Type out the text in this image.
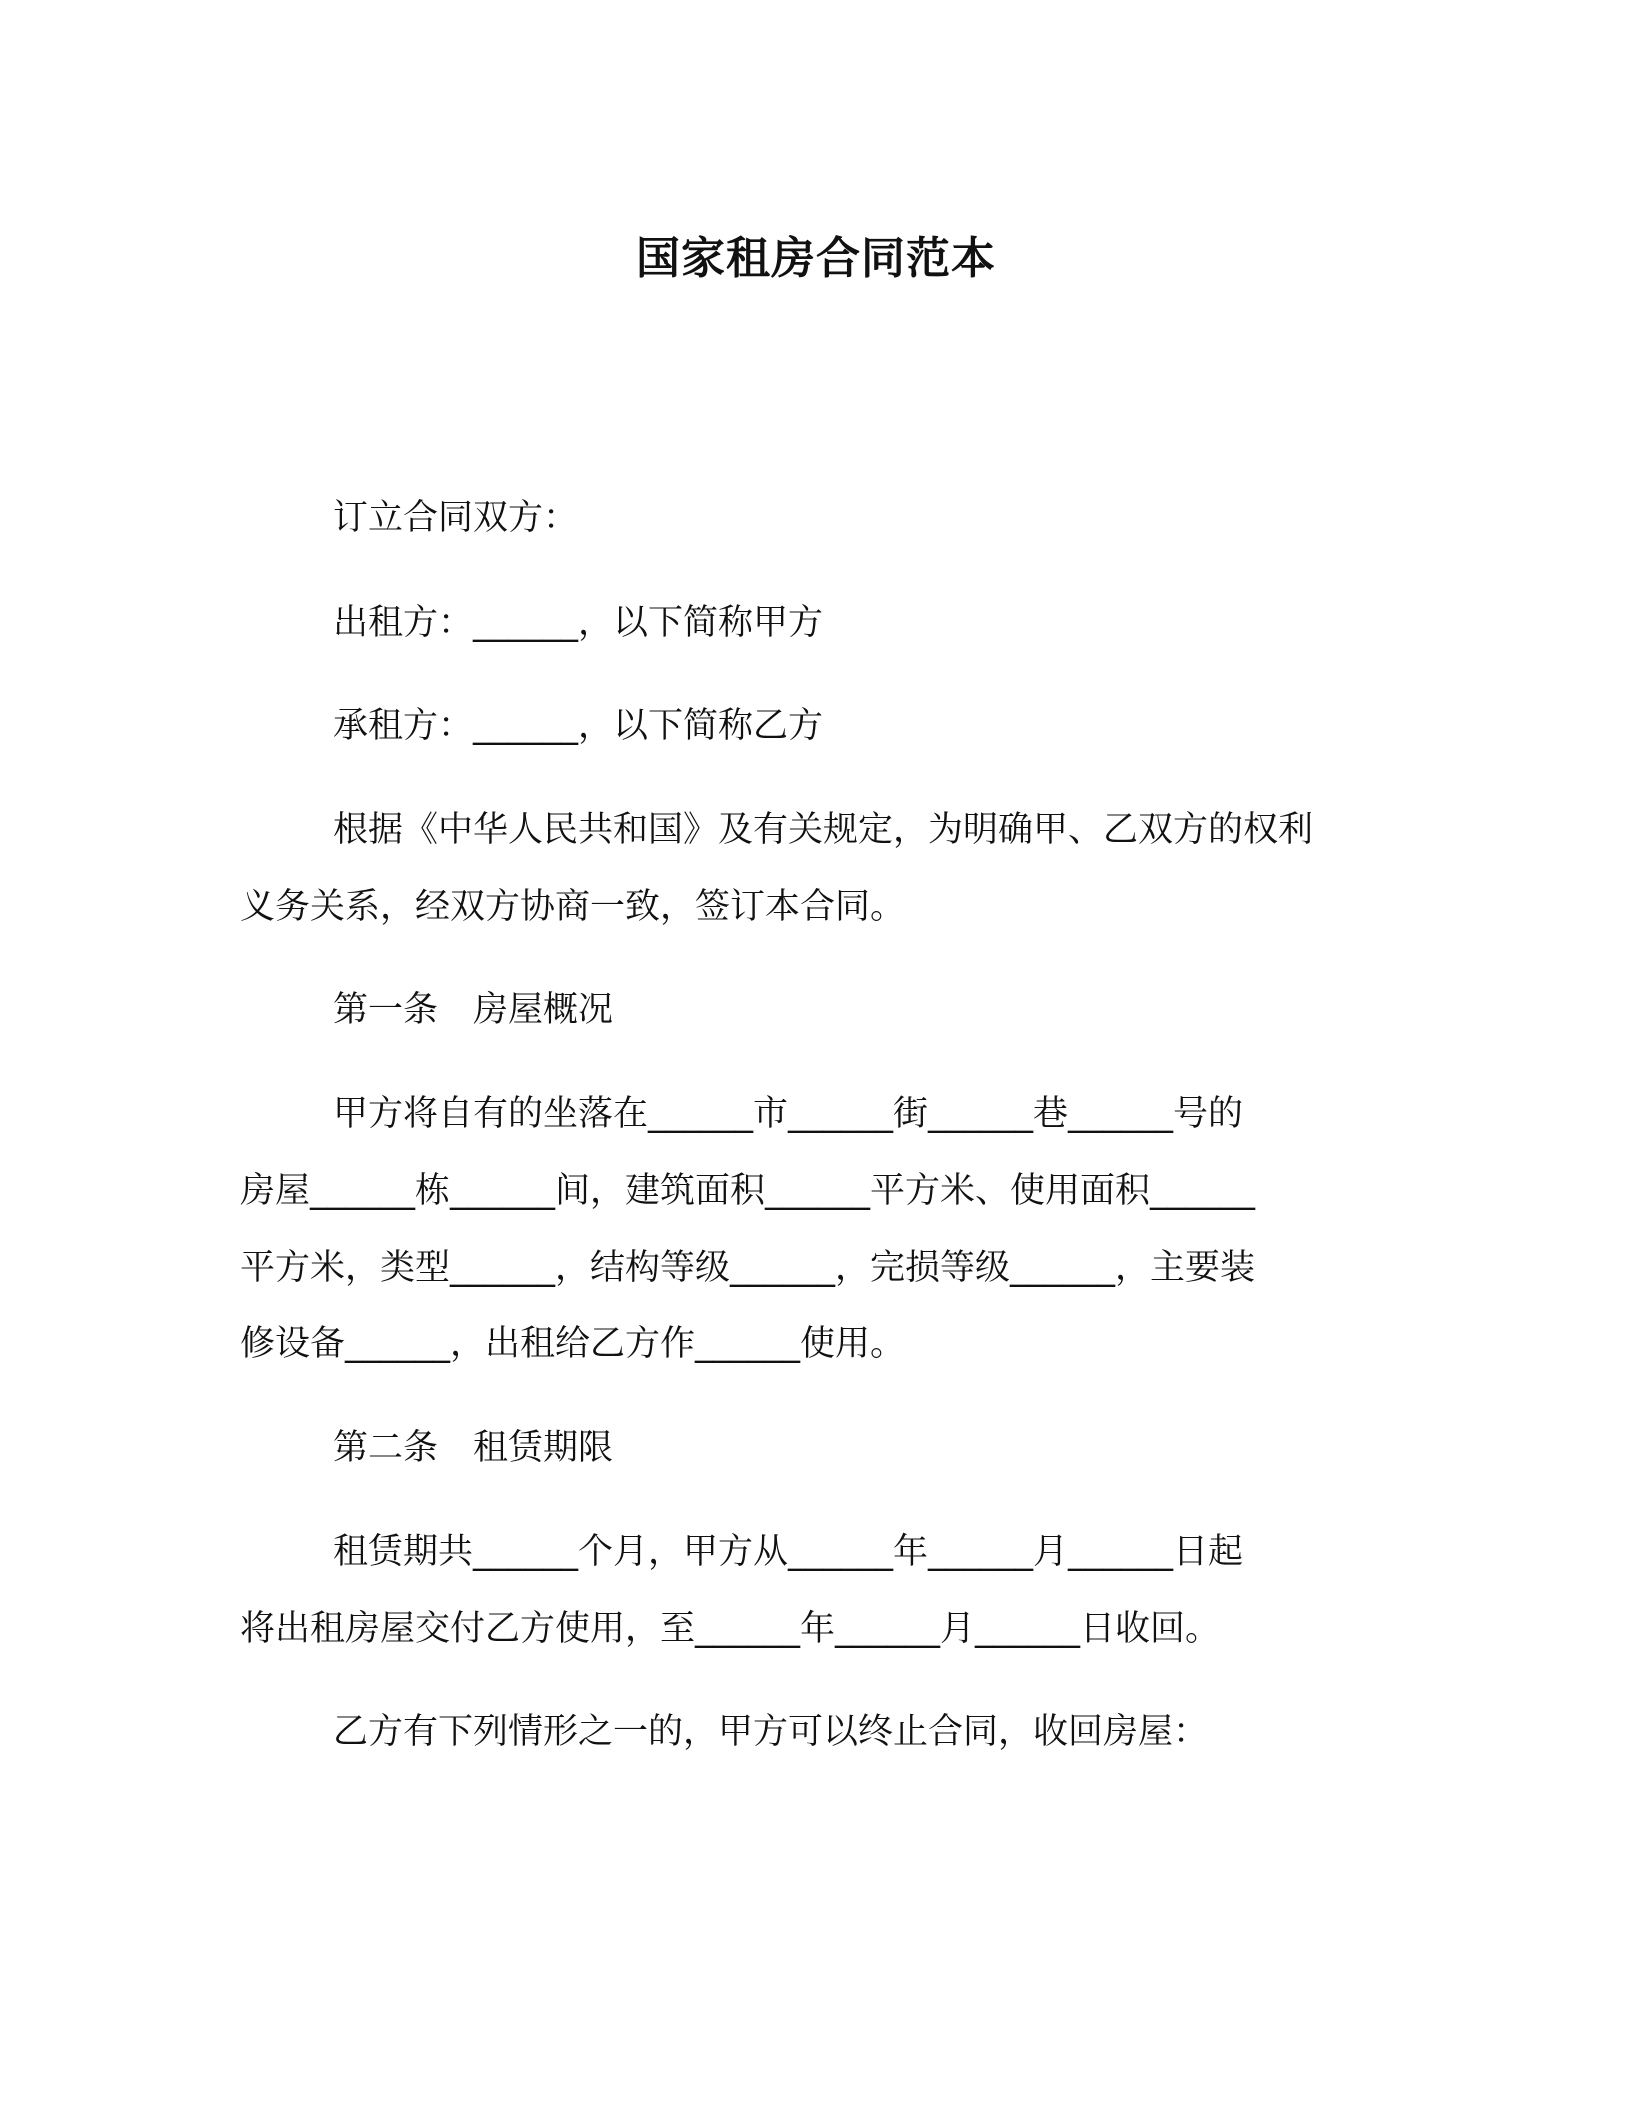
国家租房合同范本

订立合同双方：

出租方：______，以下简称甲方

承租方：______，以下简称乙方

根据《中华人民共和国》及有关规定，为明确甲、乙双方的权利

义务关系，经双方协商一致，签订本合同。

第一条　房屋概况

甲方将自有的坐落在______市______街______巷______号的

房屋______栋______间，建筑面积______平方米、使用面积______

平方米，类型______，结构等级______，完损等级______，主要装

修设备______，出租给乙方作______使用。

第二条　租赁期限

租赁期共______个月，甲方从______年______月______日起

将出租房屋交付乙方使用，至______年______月______日收回。

乙方有下列情形之一的，甲方可以终止合同，收回房屋：
